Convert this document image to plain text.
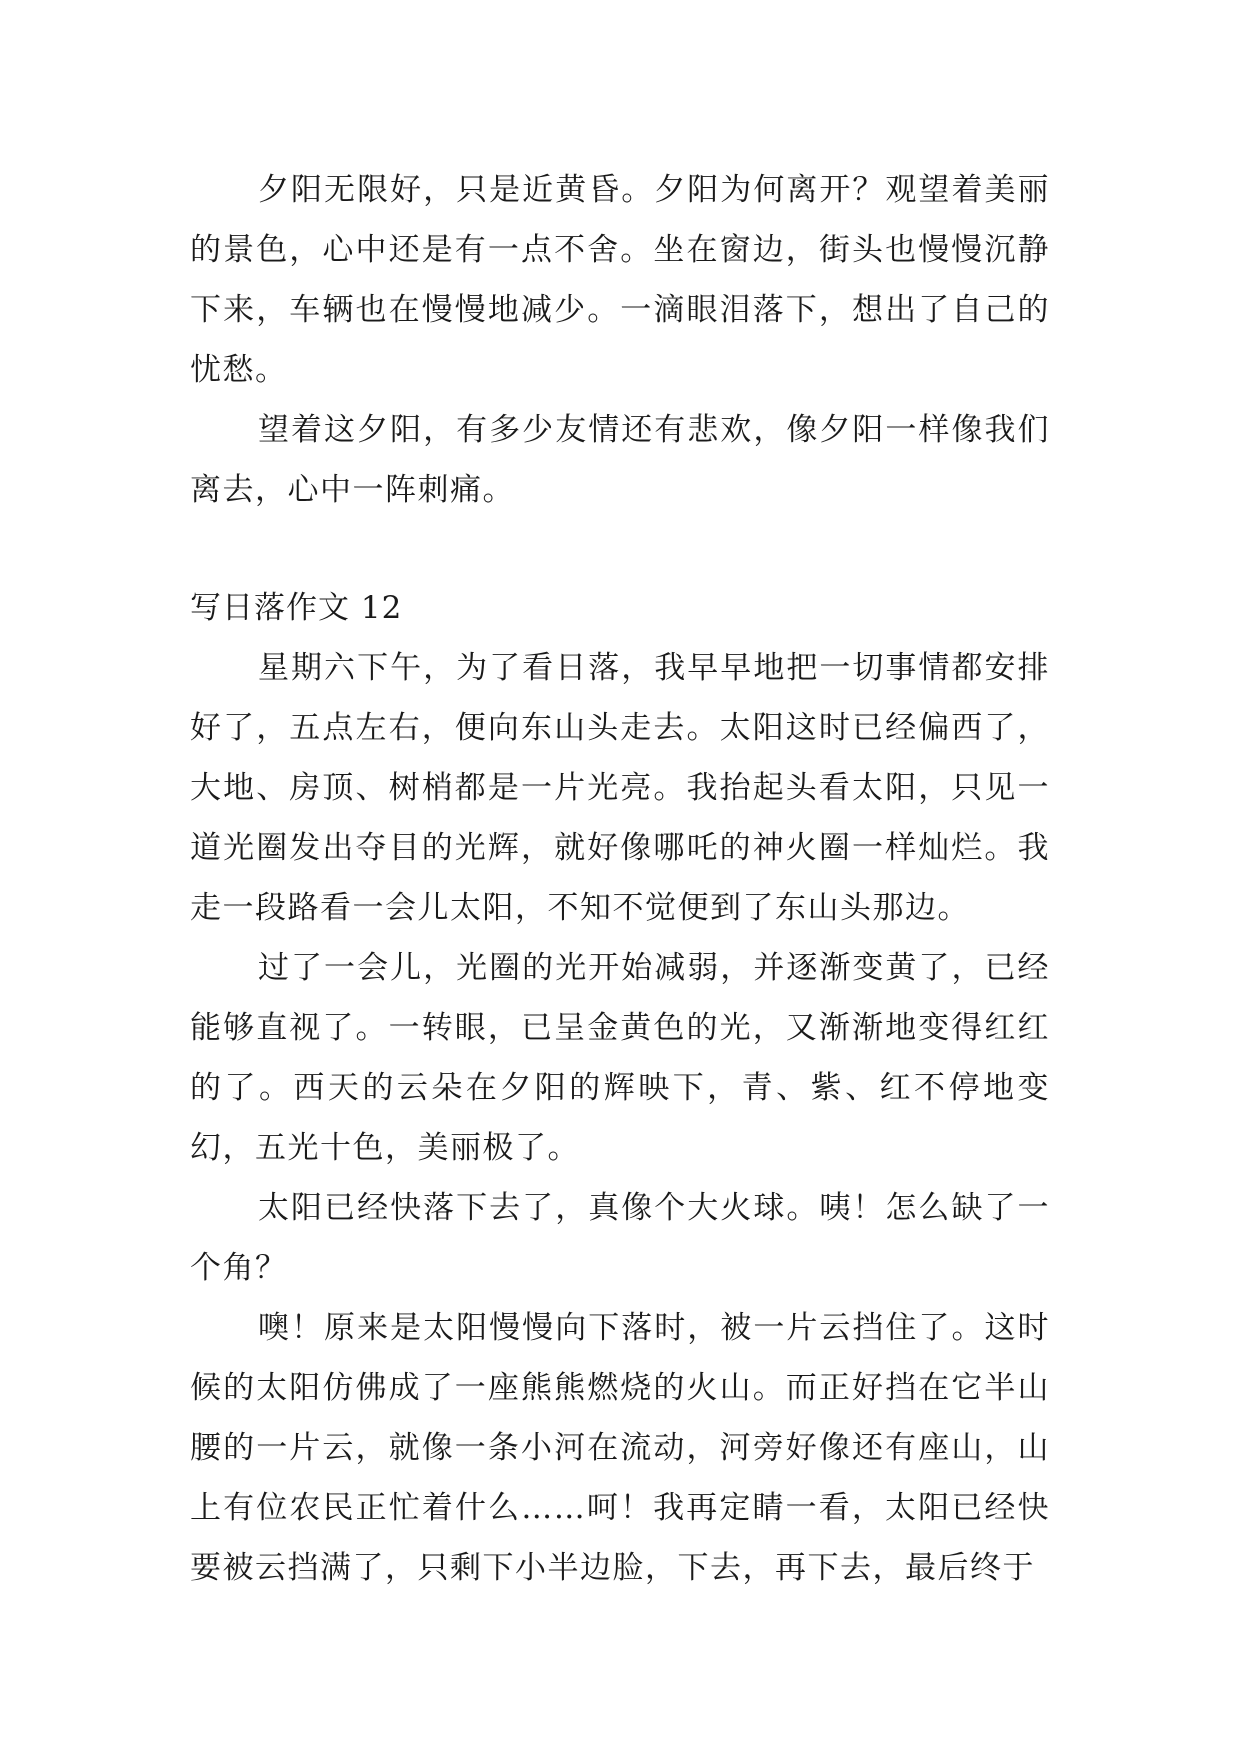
夕阳无限好，只是近黄昏。夕阳为何离开？观望着美丽的景色，心中还是有一点不舍。坐在窗边，街头也慢慢沉静下来，车辆也在慢慢地减少。一滴眼泪落下，想出了自己的忧愁。

望着这夕阳，有多少友情还有悲欢，像夕阳一样像我们离去，心中一阵刺痛。

写日落作文 12

星期六下午，为了看日落，我早早地把一切事情都安排好了，五点左右，便向东山头走去。太阳这时已经偏西了，大地、房顶、树梢都是一片光亮。我抬起头看太阳，只见一道光圈发出夺目的光辉，就好像哪吒的神火圈一样灿烂。我走一段路看一会儿太阳，不知不觉便到了东山头那边。

过了一会儿，光圈的光开始减弱，并逐渐变黄了，已经能够直视了。一转眼，已呈金黄色的光，又渐渐地变得红红的了。西天的云朵在夕阳的辉映下，青、紫、红不停地变幻，五光十色，美丽极了。

太阳已经快落下去了，真像个大火球。咦！怎么缺了一个角？

噢！原来是太阳慢慢向下落时，被一片云挡住了。这时候的太阳仿佛成了一座熊熊燃烧的火山。而正好挡在它半山腰的一片云，就像一条小河在流动，河旁好像还有座山，山上有位农民正忙着什么……呵！我再定睛一看，太阳已经快要被云挡满了，只剩下小半边脸，下去，再下去，最后终于
